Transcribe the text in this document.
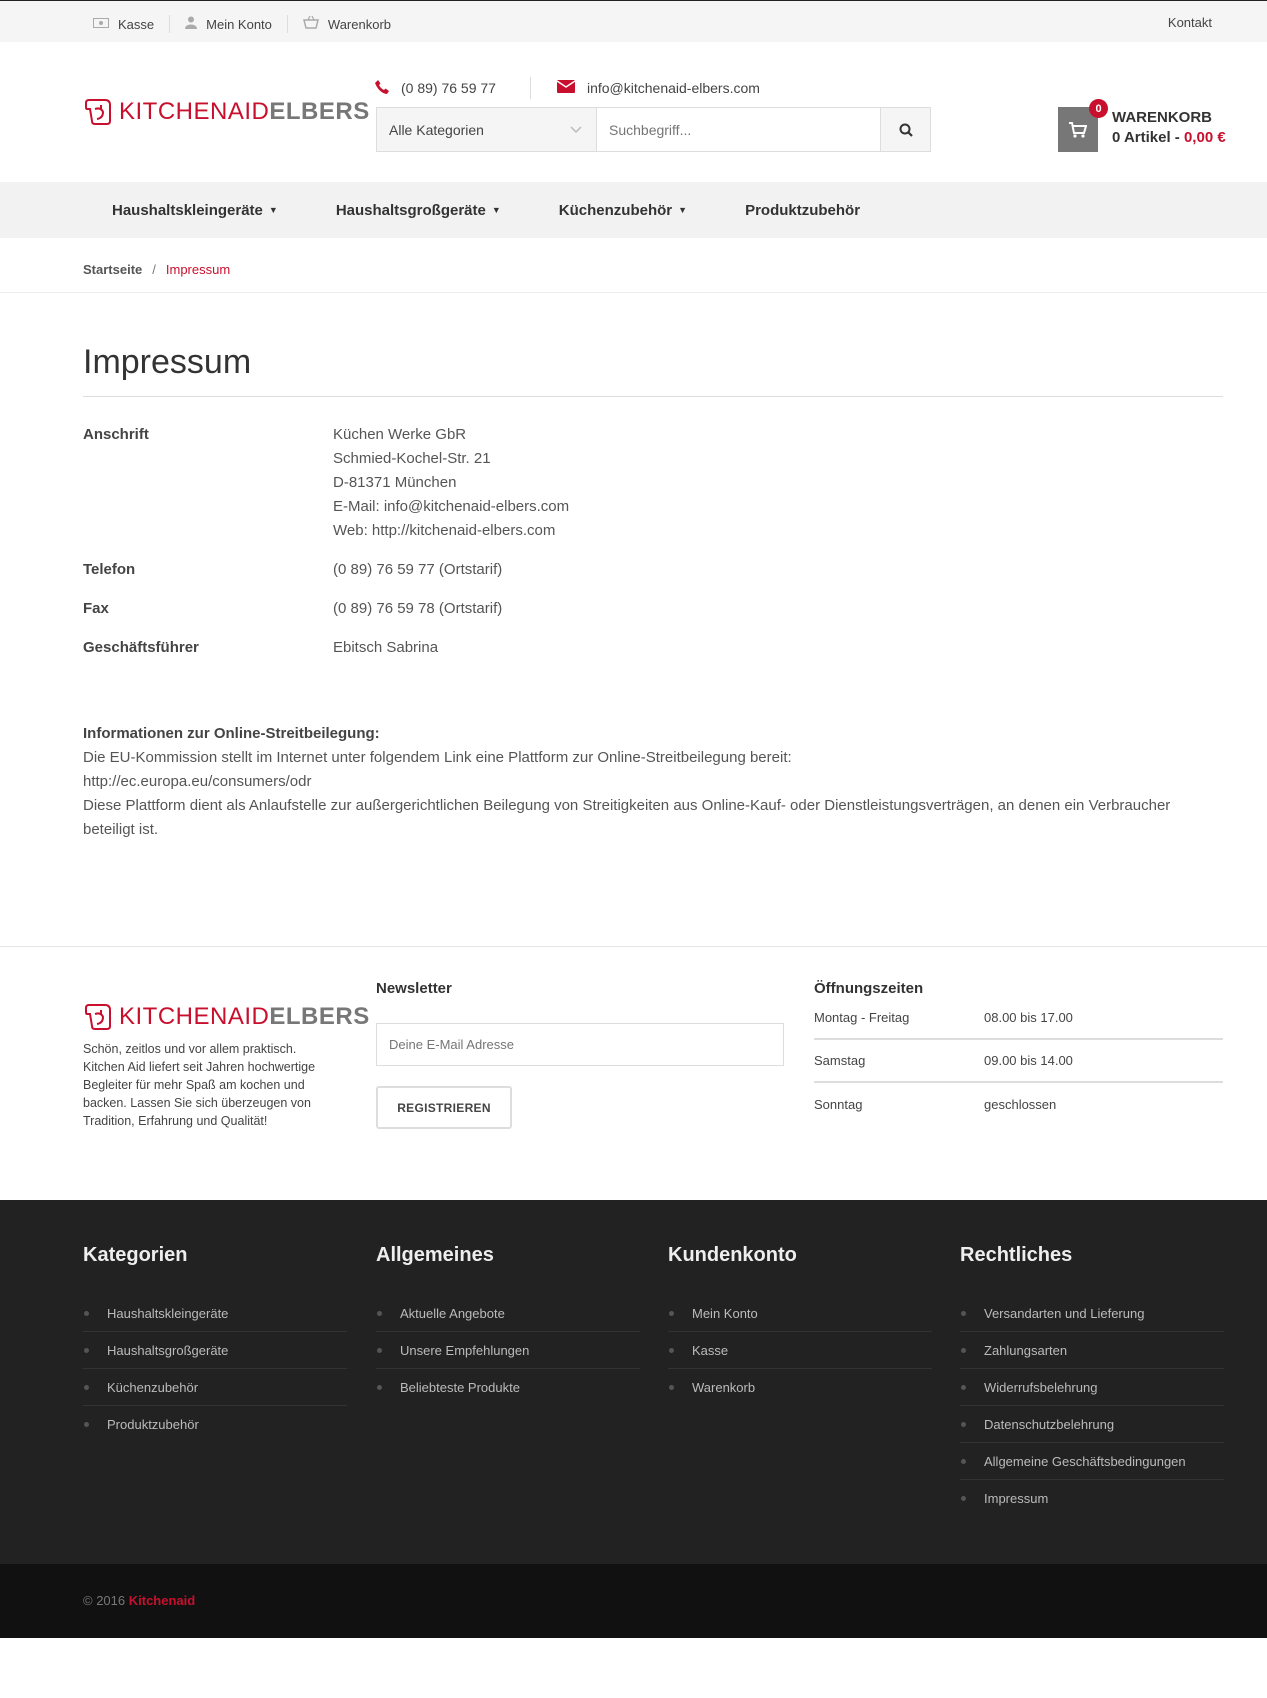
Kasse	Mein Konto	Warenkorb	Kontakt
KITCHENAIDELBERS
(0 89) 76 59 77	info@kitchenaid-elbers.com
Alle Kategorien
Suchbegriff...
0
WARENKORB
0 Artikel - 0,00 €
Haushaltskleingeräte ▼	Haushaltsgroßgeräte ▼	Küchenzubehör ▼	Produktzubehör
Startseite / Impressum
Impressum
Anschrift	Küchen Werke GbR
Schmied-Kochel-Str. 21
D-81371 München
E-Mail: info@kitchenaid-elbers.com
Web: http://kitchenaid-elbers.com
Telefon	(0 89) 76 59 77 (Ortstarif)
Fax	(0 89) 76 59 78 (Ortstarif)
Geschäftsführer	Ebitsch Sabrina
Informationen zur Online-Streitbeilegung:
Die EU-Kommission stellt im Internet unter folgendem Link eine Plattform zur Online-Streitbeilegung bereit:
http://ec.europa.eu/consumers/odr
Diese Plattform dient als Anlaufstelle zur außergerichtlichen Beilegung von Streitigkeiten aus Online-Kauf- oder Dienstleistungsverträgen, an denen ein Verbraucher beteiligt ist.
KITCHENAIDELBERS
Schön, zeitlos und vor allem praktisch. Kitchen Aid liefert seit Jahren hochwertige Begleiter für mehr Spaß am kochen und backen. Lassen Sie sich überzeugen von Tradition, Erfahrung und Qualität!
Newsletter
Deine E-Mail Adresse REGISTRIEREN
Öffnungszeiten
Montag - Freitag	08.00 bis 17.00
Samstag	09.00 bis 14.00
Sonntag	geschlossen
Kategorien
Haushaltskleingeräte
Haushaltsgroßgeräte
Küchenzubehör
Produktzubehör
Allgemeines
Aktuelle Angebote
Unsere Empfehlungen
Beliebteste Produkte
Kundenkonto
Mein Konto
Kasse
Warenkorb
Rechtliches
Versandarten und Lieferung
Zahlungsarten
Widerrufsbelehrung
Datenschutzbelehrung
Allgemeine Geschäftsbedingungen
Impressum
© 2016 Kitchenaid
